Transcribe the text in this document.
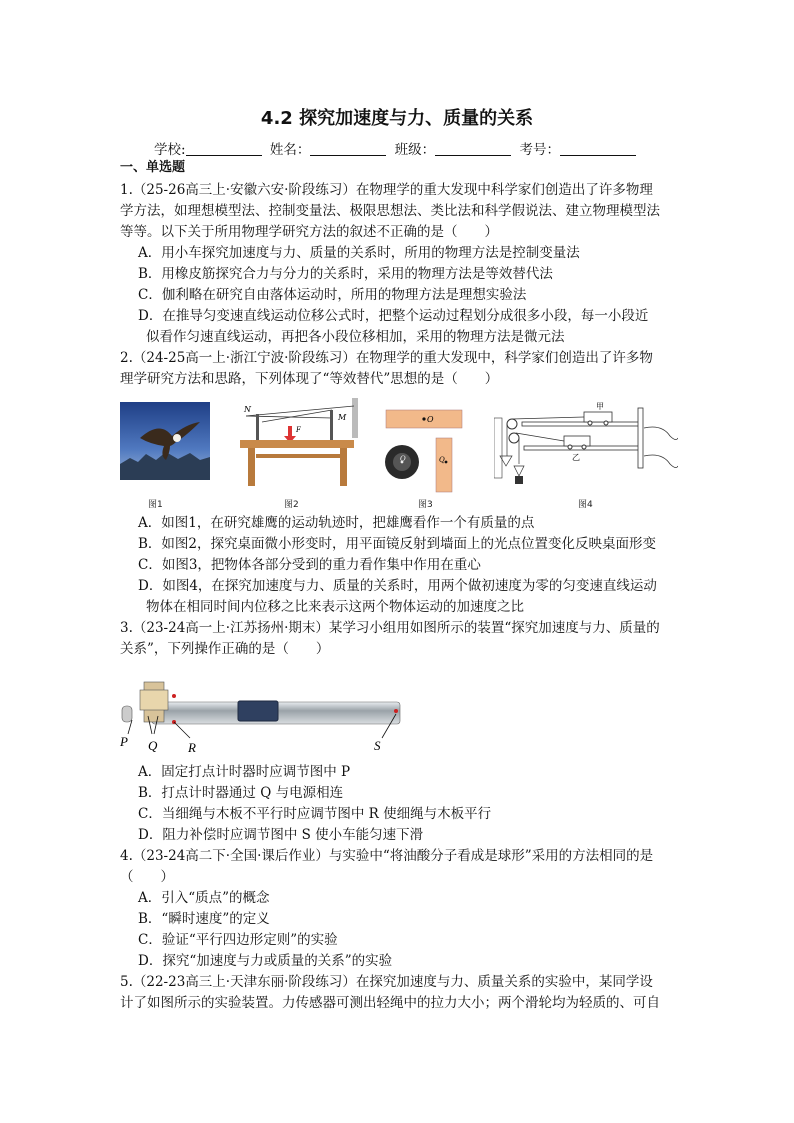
4.2 探究加速度与力、质量的关系
学校:	姓名：	班级：	考号：
一、单选题
1.（25-26高三上·安徽六安·阶段练习）在物理学的重大发现中科学家们创造出了许多物理
学方法，如理想模型法、控制变量法、极限思想法、类比法和科学假说法、建立物理模型法
等等。以下关于所用物理学研究方法的叙述不正确的是（　　）
A．用小车探究加速度与力、质量的关系时，所用的物理方法是控制变量法
B．用橡皮筋探究合力与分力的关系时，采用的物理方法是等效替代法
C．伽利略在研究自由落体运动时，所用的物理方法是理想实验法
D．在推导匀变速直线运动位移公式时，把整个运动过程划分成很多小段，每一小段近
似看作匀速直线运动，再把各小段位移相加，采用的物理方法是微元法
2.（24-25高一上·浙江宁波·阶段练习）在物理学的重大发现中，科学家们创造出了许多物
理学研究方法和思路，下列体现了“等效替代”思想的是（　　）
图1
N
M
F
图2
O
O	Q
图3
甲
乙
图4
A．如图1，在研究雄鹰的运动轨迹时，把雄鹰看作一个有质量的点
B．如图2，探究桌面微小形变时，用平面镜反射到墙面上的光点位置变化反映桌面形变
C．如图3，把物体各部分受到的重力看作集中作用在重心
D．如图4，在探究加速度与力、质量的关系时，用两个做初速度为零的匀变速直线运动
物体在相同时间内位移之比来表示这两个物体运动的加速度之比
3.（23-24高一上·江苏扬州·期末）某学习小组用如图所示的装置“探究加速度与力、质量的
关系”，下列操作正确的是（　　）
P Q R	S
A．固定打点计时器时应调节图中 P
B．打点计时器通过 Q 与电源相连
C．当细绳与木板不平行时应调节图中 R 使细绳与木板平行
D．阻力补偿时应调节图中 S 使小车能匀速下滑
4.（23-24高二下·全国·课后作业）与实验中“将油酸分子看成是球形”采用的方法相同的是
（　　）
A．引入“质点”的概念
B．“瞬时速度”的定义
C．验证“平行四边形定则”的实验
D．探究“加速度与力或质量的关系”的实验
5.（22-23高三上·天津东丽·阶段练习）在探究加速度与力、质量关系的实验中，某同学设
计了如图所示的实验装置。力传感器可测出轻绳中的拉力大小；两个滑轮均为轻质的、可自
